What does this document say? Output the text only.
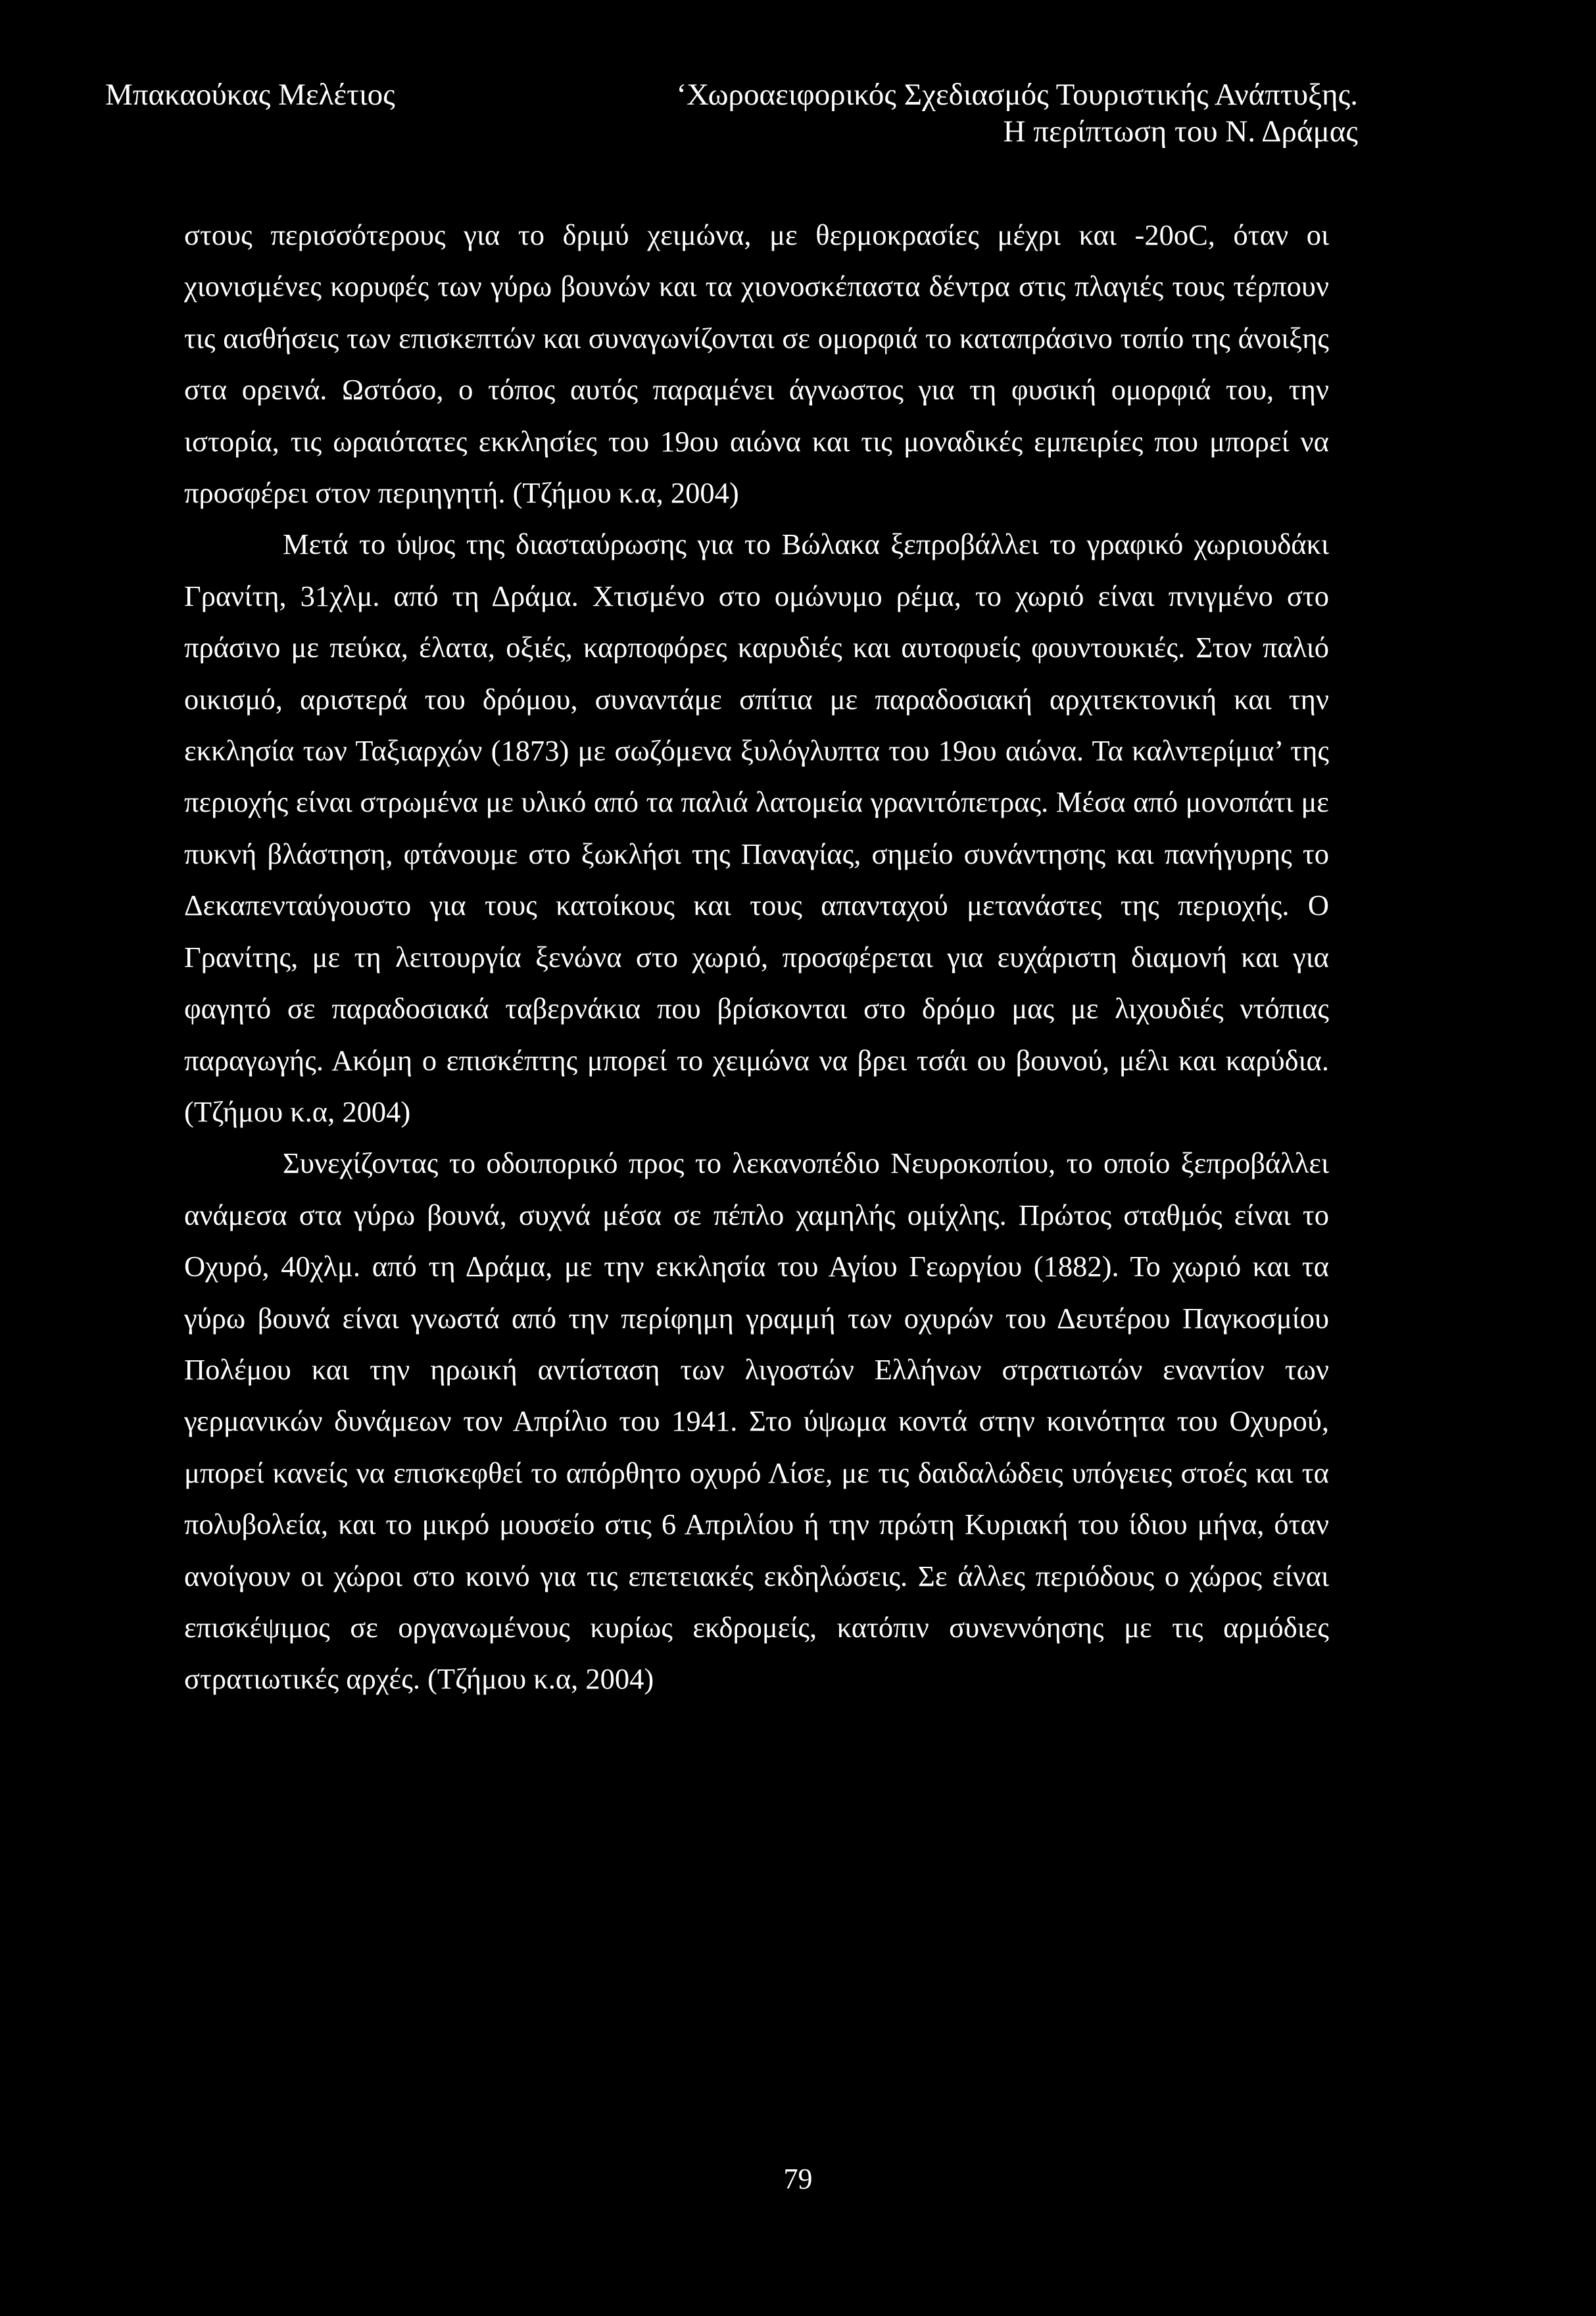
Μπακαούκας Μελέτιος	‘Χωροαειφορικός Σχεδιασμός Τουριστικής Ανάπτυξης.
Η περίπτωση του Ν. Δράμας

στους περισσότερους για το δριμύ χειμώνα, με θερμοκρασίες μέχρι και -20oC, όταν οι χιονισμένες κορυφές των γύρω βουνών και τα χιονοσκέπαστα δέντρα στις πλαγιές τους τέρπουν τις αισθήσεις των επισκεπτών και συναγωνίζονται σε ομορφιά το καταπράσινο τοπίο της άνοιξης στα ορεινά. Ωστόσο, ο τόπος αυτός παραμένει άγνωστος για τη φυσική ομορφιά του, την ιστορία, τις ωραιότατες εκκλησίες του 19ου αιώνα και τις μοναδικές εμπειρίες που μπορεί να προσφέρει στον περιηγητή. (Τζήμου κ.α, 2004)

Μετά το ύψος της διασταύρωσης για το Βώλακα ξεπροβάλλει το γραφικό χωριουδάκι Γρανίτη, 31χλμ. από τη Δράμα. Χτισμένο στο ομώνυμο ρέμα, το χωριό είναι πνιγμένο στο πράσινο με πεύκα, έλατα, οξιές, καρποφόρες καρυδιές και αυτοφυείς φουντουκιές. Στον παλιό οικισμό, αριστερά του δρόμου, συναντάμε σπίτια με παραδοσιακή αρχιτεκτονική και την εκκλησία των Ταξιαρχών (1873) με σωζόμενα ξυλόγλυπτα του 19ου αιώνα. Τα καλντερίμια’ της περιοχής είναι στρωμένα με υλικό από τα παλιά λατομεία γρανιτόπετρας. Μέσα από μονοπάτι με πυκνή βλάστηση, φτάνουμε στο ξωκλήσι της Παναγίας, σημείο συνάντησης και πανήγυρης το Δεκαπενταύγουστο για τους κατοίκους και τους απανταχού μετανάστες της περιοχής. Ο Γρανίτης, με τη λειτουργία ξενώνα στο χωριό, προσφέρεται για ευχάριστη διαμονή και για φαγητό σε παραδοσιακά ταβερνάκια που βρίσκονται στο δρόμο μας με λιχουδιές ντόπιας παραγωγής. Ακόμη ο επισκέπτης μπορεί το χειμώνα να βρει τσάι ου βουνού, μέλι και καρύδια. (Τζήμου κ.α, 2004)

Συνεχίζοντας το οδοιπορικό προς το λεκανοπέδιο Νευροκοπίου, το οποίο ξεπροβάλλει ανάμεσα στα γύρω βουνά, συχνά μέσα σε πέπλο χαμηλής ομίχλης. Πρώτος σταθμός είναι το Οχυρό, 40χλμ. από τη Δράμα, με την εκκλησία του Αγίου Γεωργίου (1882). Το χωριό και τα γύρω βουνά είναι γνωστά από την περίφημη γραμμή των οχυρών του Δευτέρου Παγκοσμίου Πολέμου και την ηρωική αντίσταση των λιγοστών Ελλήνων στρατιωτών εναντίον των γερμανικών δυνάμεων τον Απρίλιο του 1941. Στο ύψωμα κοντά στην κοινότητα του Οχυρού, μπορεί κανείς να επισκεφθεί το απόρθητο οχυρό Λίσε, με τις δαιδαλώδεις υπόγειες στοές και τα πολυβολεία, και το μικρό μουσείο στις 6 Απριλίου ή την πρώτη Κυριακή του ίδιου μήνα, όταν ανοίγουν οι χώροι στο κοινό για τις επετειακές εκδηλώσεις. Σε άλλες περιόδους ο χώρος είναι επισκέψιμος σε οργανωμένους κυρίως εκδρομείς, κατόπιν συνεννόησης με τις αρμόδιες στρατιωτικές αρχές. (Τζήμου κ.α, 2004)

79
